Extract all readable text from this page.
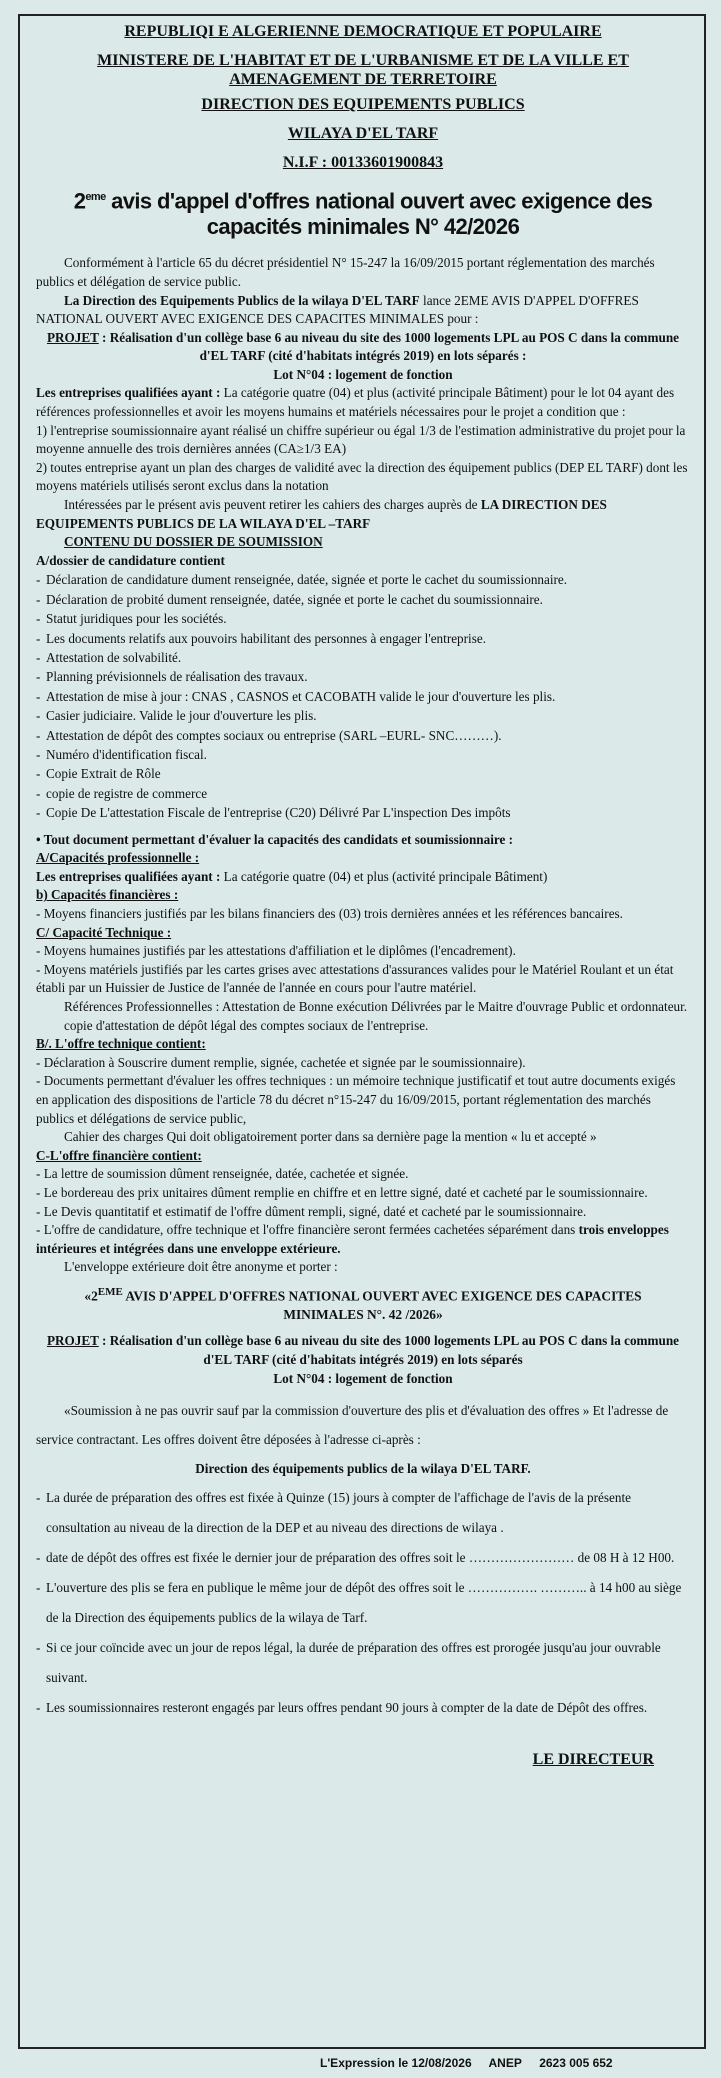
REPUBLIQI E ALGERIENNE DEMOCRATIQUE ET POPULAIRE

MINISTERE DE L'HABITAT ET DE L'URBANISME ET DE LA VILLE ET AMENAGEMENT DE TERRETOIRE

DIRECTION DES EQUIPEMENTS PUBLICS

WILAYA D'EL TARF

N.I.F : 00133601900843

2eme avis d'appel d'offres national ouvert avec exigence des capacités minimales N° 42/2026

Conformément à l'article 65 du décret présidentiel N° 15-247 la 16/09/2015 portant réglementation des marchés publics et délégation de service public.

La Direction des Equipements Publics de la wilaya D'EL TARF lance 2EME AVIS D'APPEL D'OFFRES NATIONAL OUVERT AVEC EXIGENCE DES CAPACITES MINIMALES pour :

PROJET : Réalisation d'un collège base 6 au niveau du site des 1000 logements LPL au POS C dans la commune d'EL TARF (cité d'habitats intégrés 2019) en lots séparés :

Lot N°04 : logement de fonction

Les entreprises qualifiées ayant : La catégorie quatre (04) et plus (activité principale Bâtiment) pour le lot 04 ayant des références professionnelles et avoir les moyens humains et matériels nécessaires pour le projet a condition que :

1) l'entreprise soumissionnaire ayant réalisé un chiffre supérieur ou égal 1/3 de l'estimation administrative du projet pour la moyenne annuelle des trois dernières années (CA≥1/3 EA)

2) toutes entreprise ayant un plan des charges de validité avec la direction des équipement publics (DEP EL TARF) dont les moyens matériels utilisés seront exclus dans la notation

Intéressées par le présent avis peuvent retirer les cahiers des charges auprès de LA DIRECTION DES EQUIPEMENTS PUBLICS DE LA WILAYA D'EL –TARF

CONTENU DU DOSSIER DE SOUMISSION

A/dossier de candidature contient

- Déclaration de candidature dument renseignée, datée, signée et porte le cachet du soumissionnaire.
- Déclaration de probité dument renseignée, datée, signée et porte le cachet du soumissionnaire.
- Statut juridiques pour les sociétés.
- Les documents relatifs aux pouvoirs habilitant des personnes à engager l'entreprise.
- Attestation de solvabilité.
- Planning prévisionnels de réalisation des travaux.
- Attestation de mise à jour : CNAS , CASNOS et CACOBATH valide le jour d'ouverture les plis.
- Casier judiciaire. Valide le jour d'ouverture les plis.
- Attestation de dépôt des comptes sociaux ou entreprise (SARL –EURL- SNC………).
- Numéro d'identification fiscal.
- Copie Extrait de Rôle
- copie de registre de commerce
- Copie De L'attestation Fiscale de l'entreprise (C20) Délivré Par L'inspection Des impôts

• Tout document permettant d'évaluer la capacités des candidats et soumissionnaire :

A/Capacités professionnelle :

Les entreprises qualifiées ayant : La catégorie quatre (04) et plus (activité principale Bâtiment)

b) Capacités financières :

- Moyens financiers justifiés par les bilans financiers des (03) trois dernières années et les références bancaires.

C/ Capacité Technique :

- Moyens humaines justifiés par les attestations d'affiliation et le diplômes (l'encadrement).

- Moyens matériels justifiés par les cartes grises avec attestations d'assurances valides pour le Matériel Roulant et un état établi par un Huissier de Justice de l'année de l'année en cours pour l'autre matériel.

Références Professionnelles : Attestation de Bonne exécution Délivrées par le Maitre d'ouvrage Public et ordonnateur.

copie d'attestation de dépôt légal des comptes sociaux de l'entreprise.

B/. L'offre technique contient:

- Déclaration à Souscrire dument remplie, signée, cachetée et signée par le soumissionnaire).

- Documents permettant d'évaluer les offres techniques : un mémoire technique justificatif et tout autre documents exigés en application des dispositions de l'article 78 du décret n°15-247 du 16/09/2015, portant réglementation des marchés publics et délégations de service public,

Cahier des charges Qui doit obligatoirement porter dans sa dernière page la mention « lu et accepté »

C-L'offre financière contient:

- La lettre de soumission dûment renseignée, datée, cachetée et signée.

- Le bordereau des prix unitaires dûment remplie en chiffre et en lettre signé, daté et cacheté par le soumissionnaire.

- Le Devis quantitatif et estimatif de l'offre dûment rempli, signé, daté et cacheté par le soumissionnaire.

- L'offre de candidature, offre technique et l'offre financière seront fermées cachetées séparément dans trois enveloppes intérieures et intégrées dans une enveloppe extérieure.

L'enveloppe extérieure doit être anonyme et porter :

«2EME AVIS D'APPEL D'OFFRES NATIONAL OUVERT AVEC EXIGENCE DES CAPACITES MINIMALES N°. 42 /2026»

PROJET : Réalisation d'un collège base 6 au niveau du site des 1000 logements LPL au POS C dans la commune d'EL TARF (cité d'habitats intégrés 2019) en lots séparés

Lot N°04 : logement de fonction

«Soumission à ne pas ouvrir sauf par la commission d'ouverture des plis et d'évaluation des offres » Et l'adresse de service contractant. Les offres doivent être déposées à l'adresse ci-après :

Direction des équipements publics de la wilaya D'EL TARF.

- La durée de préparation des offres est fixée à Quinze (15) jours à compter de l'affichage de l'avis de la présente consultation au niveau de la direction de la DEP et au niveau des directions de wilaya .
- date de dépôt des offres est fixée le dernier jour de préparation des offres soit le …………………… de 08 H à 12 H00.
- L'ouverture des plis se fera en publique le même jour de dépôt des offres soit le ……………. ……….. à 14 h00 au siège de la Direction des équipements publics de la wilaya de Tarf.
- Si ce jour coïncide avec un jour de repos légal, la durée de préparation des offres est prorogée jusqu'au jour ouvrable suivant.
- Les soumissionnaires resteront engagés par leurs offres pendant 90 jours à compter de la date de Dépôt des offres.
LE DIRECTEUR
L'Expression le 12/08/2026 ANEP 2623 005 652
